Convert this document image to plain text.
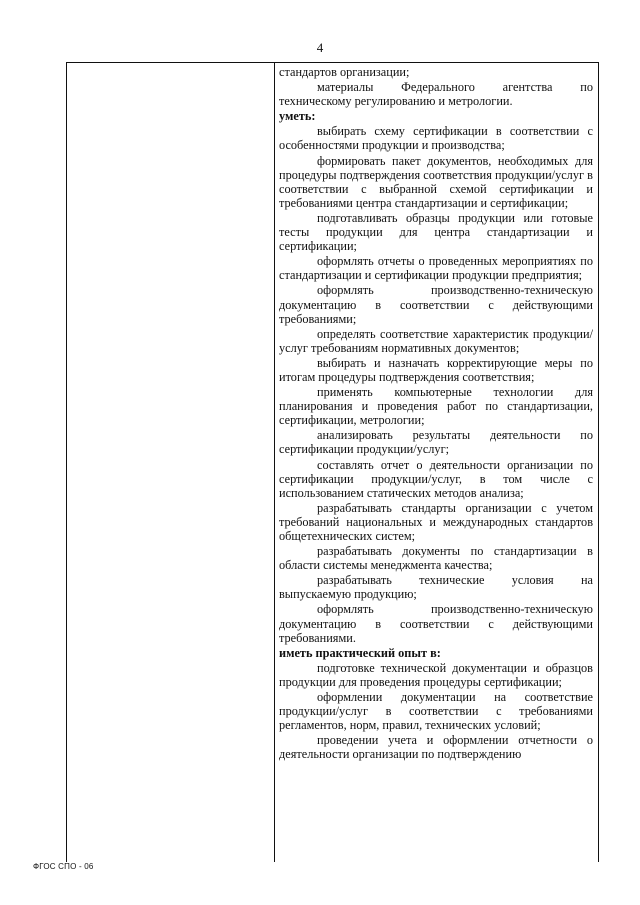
4

стандартов организации;

материалы Федерального агентства по техническому регулированию и метрологии.

уметь:

выбирать схему сертификации в соответствии с особенностями продукции и производства;

формировать пакет документов, необходимых для процедуры подтверждения соответствия продукции/услуг в соответствии с выбранной схемой сертификации и требованиями центра стандартизации и сертификации;

подготавливать образцы продукции или готовые тесты продукции для центра стандартизации и сертификации;

оформлять отчеты о проведенных мероприятиях по стандартизации и сертификации продукции предприятия;

оформлять производственно-техническую документацию в соответствии с действующими требованиями;

определять соответствие характеристик продукции/услуг требованиям нормативных документов;

выбирать и назначать корректирующие меры по итогам процедуры подтверждения соответствия;

применять компьютерные технологии для планирования и проведения работ по стандартизации, сертификации, метрологии;

анализировать результаты деятельности по сертификации продукции/услуг;

составлять отчет о деятельности организации по сертификации продукции/услуг, в том числе с использованием статических методов анализа;

разрабатывать стандарты организации с учетом требований национальных и международных стандартов общетехнических систем;

разрабатывать документы по стандартизации в области системы менеджмента качества;

разрабатывать технические условия на выпускаемую продукцию;

оформлять производственно-техническую документацию в соответствии с действующими требованиями.

иметь практический опыт в:

подготовке технической документации и образцов продукции для проведения процедуры сертификации;

оформлении документации на соответствие продукции/услуг в соответствии с требованиями регламентов, норм, правил, технических условий;

проведении учета и оформлении отчетности о деятельности организации по подтверждению

ФГОС СПО - 06
